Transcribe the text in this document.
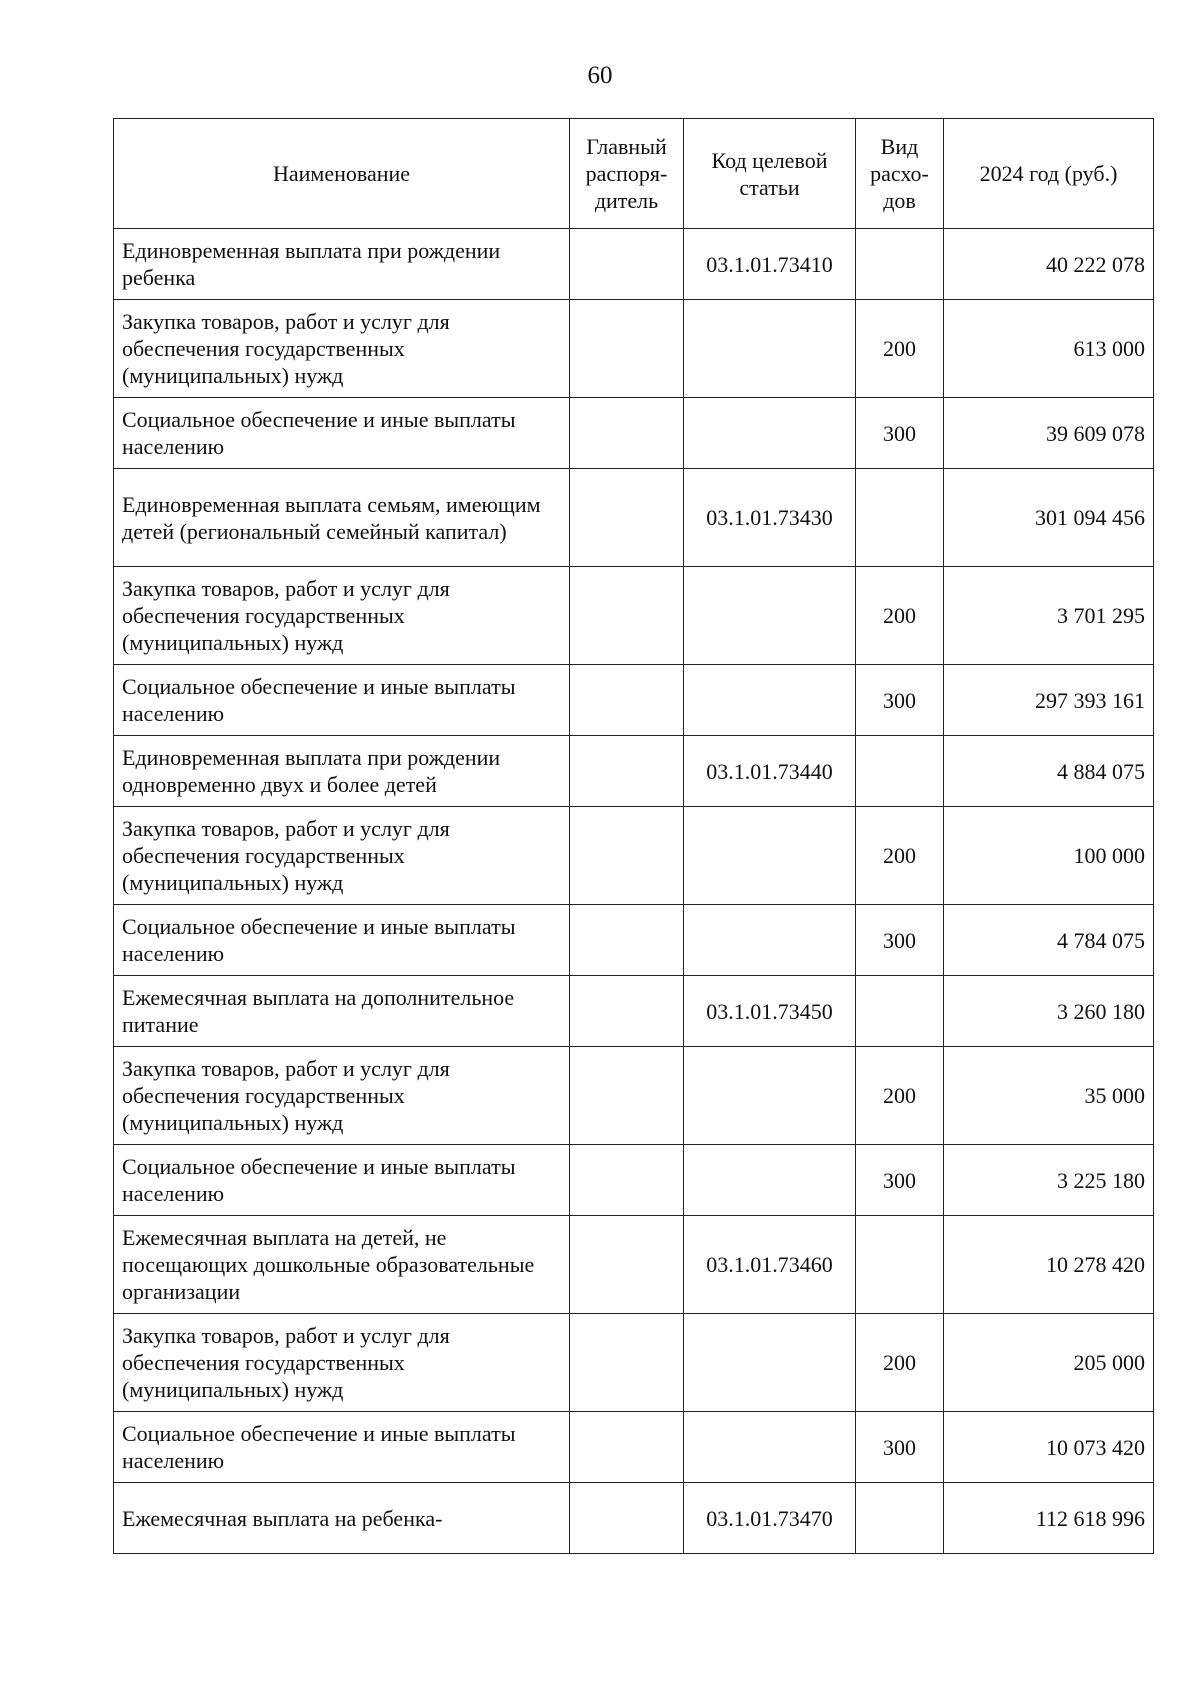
60
Наименование	Главный распоря-дитель	Код целевой статьи	Вид расхо-дов	2024 год (руб.)
Единовременная выплата при рождении ребенка		03.1.01.73410		40 222 078
Закупка товаров, работ и услуг для обеспечения государственных (муниципальных) нужд			200	613 000
Социальное обеспечение и иные выплаты населению			300	39 609 078
Единовременная выплата семьям, имеющим детей (региональный семейный капитал)		03.1.01.73430		301 094 456
Закупка товаров, работ и услуг для обеспечения государственных (муниципальных) нужд			200	3 701 295
Социальное обеспечение и иные выплаты населению			300	297 393 161
Единовременная выплата при рождении одновременно двух и более детей		03.1.01.73440		4 884 075
Закупка товаров, работ и услуг для обеспечения государственных (муниципальных) нужд			200	100 000
Социальное обеспечение и иные выплаты населению			300	4 784 075
Ежемесячная выплата на дополнительное питание		03.1.01.73450		3 260 180
Закупка товаров, работ и услуг для обеспечения государственных (муниципальных) нужд			200	35 000
Социальное обеспечение и иные выплаты населению			300	3 225 180
Ежемесячная выплата на детей, не посещающих дошкольные образовательные организации		03.1.01.73460		10 278 420
Закупка товаров, работ и услуг для обеспечения государственных (муниципальных) нужд			200	205 000
Социальное обеспечение и иные выплаты населению			300	10 073 420
Ежемесячная выплата на ребенка-		03.1.01.73470		112 618 996
